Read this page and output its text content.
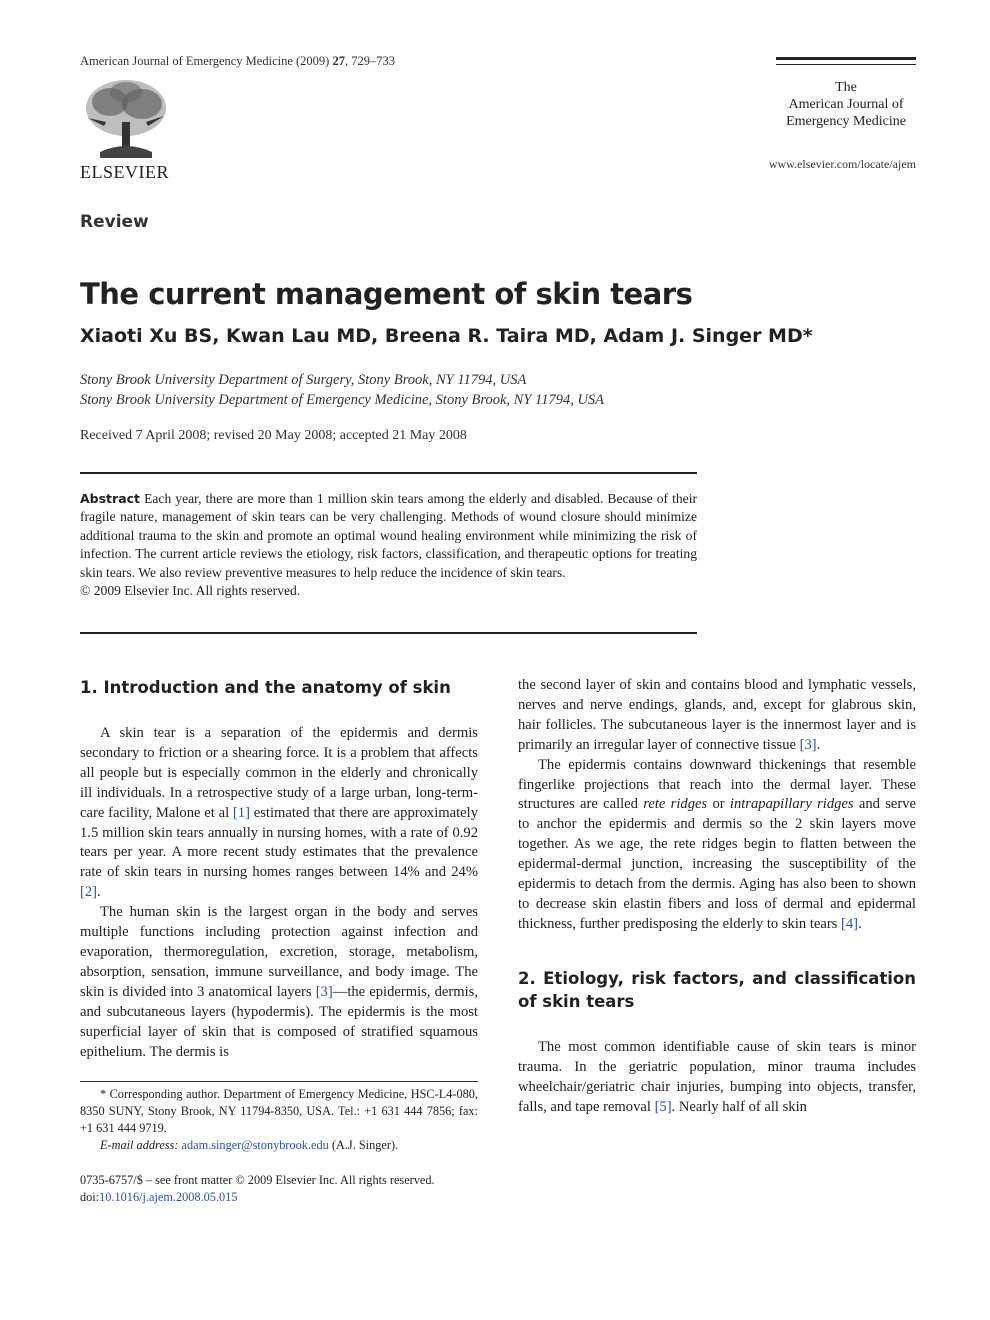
American Journal of Emergency Medicine (2009) 27, 729–733
ELSEVIER
The
American Journal of
Emergency Medicine
www.elsevier.com/locate/ajem
Review
The current management of skin tears
Xiaoti Xu BS, Kwan Lau MD, Breena R. Taira MD, Adam J. Singer MD*
Stony Brook University Department of Surgery, Stony Brook, NY 11794, USA
Stony Brook University Department of Emergency Medicine, Stony Brook, NY 11794, USA
Received 7 April 2008; revised 20 May 2008; accepted 21 May 2008
Abstract Each year, there are more than 1 million skin tears among the elderly and disabled. Because of their fragile nature, management of skin tears can be very challenging. Methods of wound closure should minimize additional trauma to the skin and promote an optimal wound healing environment while minimizing the risk of infection. The current article reviews the etiology, risk factors, classification, and therapeutic options for treating skin tears. We also review preventive measures to help reduce the incidence of skin tears.
© 2009 Elsevier Inc. All rights reserved.
1. Introduction and the anatomy of skin

A skin tear is a separation of the epidermis and dermis secondary to friction or a shearing force. It is a problem that affects all people but is especially common in the elderly and chronically ill individuals. In a retrospective study of a large urban, long-term-care facility, Malone et al [1] estimated that there are approximately 1.5 million skin tears annually in nursing homes, with a rate of 0.92 tears per year. A more recent study estimates that the prevalence rate of skin tears in nursing homes ranges between 14% and 24% [2].

The human skin is the largest organ in the body and serves multiple functions including protection against infection and evaporation, thermoregulation, excretion, storage, metabolism, absorption, sensation, immune surveillance, and body image. The skin is divided into 3 anatomical layers [3]—the epidermis, dermis, and subcutaneous layers (hypodermis). The epidermis is the most superficial layer of skin that is composed of stratified squamous epithelium. The dermis is

the second layer of skin and contains blood and lymphatic vessels, nerves and nerve endings, glands, and, except for glabrous skin, hair follicles. The subcutaneous layer is the innermost layer and is primarily an irregular layer of connective tissue [3].

The epidermis contains downward thickenings that resemble fingerlike projections that reach into the dermal layer. These structures are called rete ridges or intrapapillary ridges and serve to anchor the epidermis and dermis so the 2 skin layers move together. As we age, the rete ridges begin to flatten between the epidermal-dermal junction, increasing the susceptibility of the epidermis to detach from the dermis. Aging has also been to shown to decrease skin elastin fibers and loss of dermal and epidermal thickness, further predisposing the elderly to skin tears [4].

2. Etiology, risk factors, and classification of skin tears

The most common identifiable cause of skin tears is minor trauma. In the geriatric population, minor trauma includes wheelchair/geriatric chair injuries, bumping into objects, transfer, falls, and tape removal [5]. Nearly half of all skin

* Corresponding author. Department of Emergency Medicine, HSC-L4-080, 8350 SUNY, Stony Brook, NY 11794-8350, USA. Tel.: +1 631 444 7856; fax: +1 631 444 9719.
E-mail address: adam.singer@stonybrook.edu (A.J. Singer).
0735-6757/$ – see front matter © 2009 Elsevier Inc. All rights reserved.
doi:10.1016/j.ajem.2008.05.015
